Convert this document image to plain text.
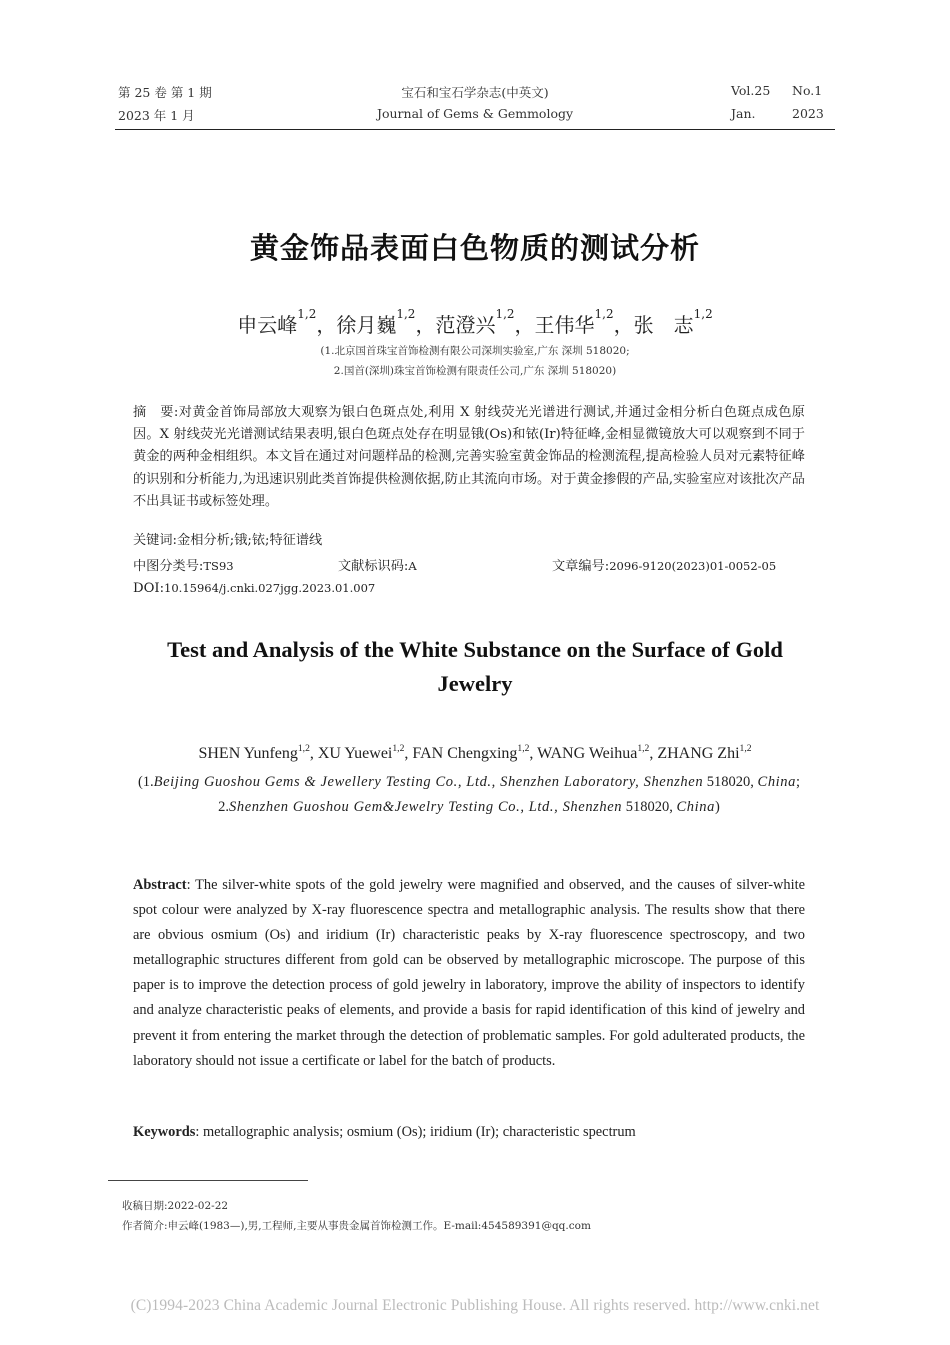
第 25 卷 第 1 期
2023 年 1 月
宝石和宝石学杂志(中英文)
Journal of Gems & Gemmology
Vol.25 No.1
Jan.	2023
黄金饰品表面白色物质的测试分析
申云峰$^{1,2}$，徐月巍$^{1,2}$，范澄兴$^{1,2}$，王伟华$^{1,2}$，张　志$^{1,2}$
(1.北京国首珠宝首饰检测有限公司深圳实验室,广东 深圳 518020;
2.国首(深圳)珠宝首饰检测有限责任公司,广东 深圳 518020)
摘　要:对黄金首饰局部放大观察为银白色斑点处,利用 X 射线荧光光谱进行测试,并通过金相分析白色斑点成色原因。X 射线荧光光谱测试结果表明,银白色斑点处存在明显锇(Os)和铱(Ir)特征峰,金相显微镜放大可以观察到不同于黄金的两种金相组织。本文旨在通过对问题样品的检测,完善实验室黄金饰品的检测流程,提高检验人员对元素特征峰的识别和分析能力,为迅速识别此类首饰提供检测依据,防止其流向市场。对于黄金掺假的产品,实验室应对该批次产品不出具证书或标签处理。
关键词:金相分析;锇;铱;特征谱线
中图分类号:TS93	文献标识码:A	文章编号:2096-9120(2023)01-0052-05
DOI:10.15964/j.cnki.027jgg.2023.01.007
Test and Analysis of the White Substance on the Surface of Gold Jewelry
SHEN Yunfeng$^{1,2}$, XU Yuewei$^{1,2}$, FAN Chengxing$^{1,2}$, WANG Weihua$^{1,2}$, ZHANG Zhi$^{1,2}$
(1.Beijing Guoshou Gems & Jewellery Testing Co., Ltd., Shenzhen Laboratory, Shenzhen 518020, China; 2.Shenzhen Guoshou Gem&Jewelry Testing Co., Ltd., Shenzhen 518020, China)
Abstract: The silver-white spots of the gold jewelry were magnified and observed, and the causes of silver-white spot colour were analyzed by X-ray fluorescence spectra and metallographic analysis. The results show that there are obvious osmium (Os) and iridium (Ir) characteristic peaks by X-ray fluorescence spectroscopy, and two metallographic structures different from gold can be observed by metallographic microscope. The purpose of this paper is to improve the detection process of gold jewelry in laboratory, improve the ability of inspectors to identify and analyze characteristic peaks of elements, and provide a basis for rapid identification of this kind of jewelry and prevent it from entering the market through the detection of problematic samples. For gold adulterated products, the laboratory should not issue a certificate or label for the batch of products.
Keywords: metallographic analysis; osmium (Os); iridium (Ir); characteristic spectrum
收稿日期:2022-02-22
作者简介:申云峰(1983—),男,工程师,主要从事贵金属首饰检测工作。E-mail:454589391@qq.com
(C)1994-2023 China Academic Journal Electronic Publishing House. All rights reserved. http://www.cnki.net
